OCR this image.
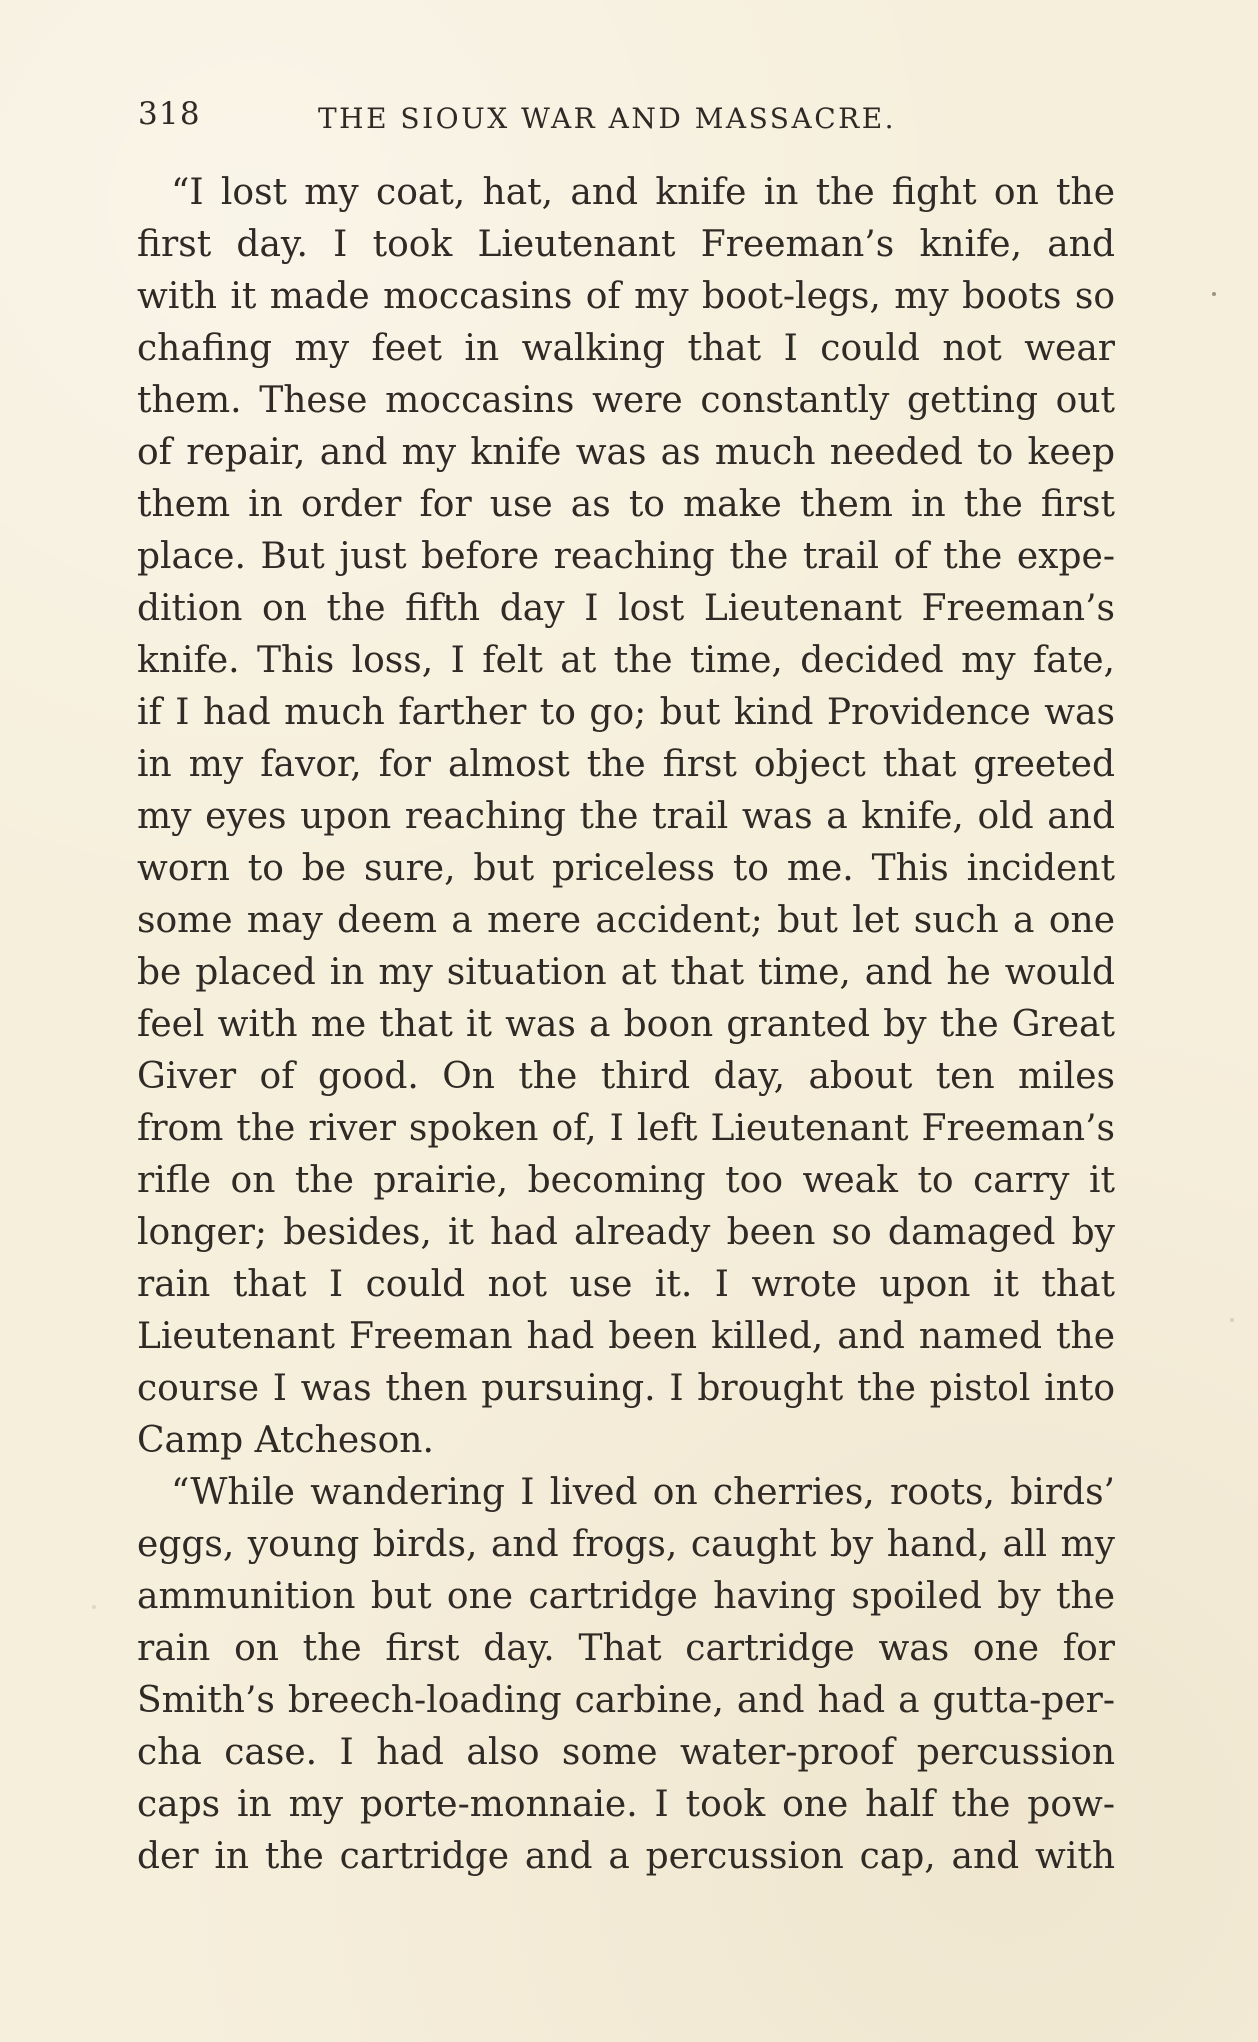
318	THE SIOUX WAR AND MASSACRE.
“I lost my coat, hat, and knife in the fight on the
first day. I took Lieutenant Freeman’s knife, and
with it made moccasins of my boot-legs, my boots so
chafing my feet in walking that I could not wear
them. These moccasins were constantly getting out
of repair, and my knife was as much needed to keep
them in order for use as to make them in the first
place. But just before reaching the trail of the expe-
dition on the fifth day I lost Lieutenant Freeman’s
knife. This loss, I felt at the time, decided my fate,
if I had much farther to go; but kind Providence was
in my favor, for almost the first object that greeted
my eyes upon reaching the trail was a knife, old and
worn to be sure, but priceless to me. This incident
some may deem a mere accident; but let such a one
be placed in my situation at that time, and he would
feel with me that it was a boon granted by the Great
Giver of good. On the third day, about ten miles
from the river spoken of, I left Lieutenant Freeman’s
rifle on the prairie, becoming too weak to carry it
longer; besides, it had already been so damaged by
rain that I could not use it. I wrote upon it that
Lieutenant Freeman had been killed, and named the
course I was then pursuing. I brought the pistol into
Camp Atcheson.
“While wandering I lived on cherries, roots, birds’
eggs, young birds, and frogs, caught by hand, all my
ammunition but one cartridge having spoiled by the
rain on the first day. That cartridge was one for
Smith’s breech-loading carbine, and had a gutta-per-
cha case. I had also some water-proof percussion
caps in my porte-monnaie. I took one half the pow-
der in the cartridge and a percussion cap, and with
